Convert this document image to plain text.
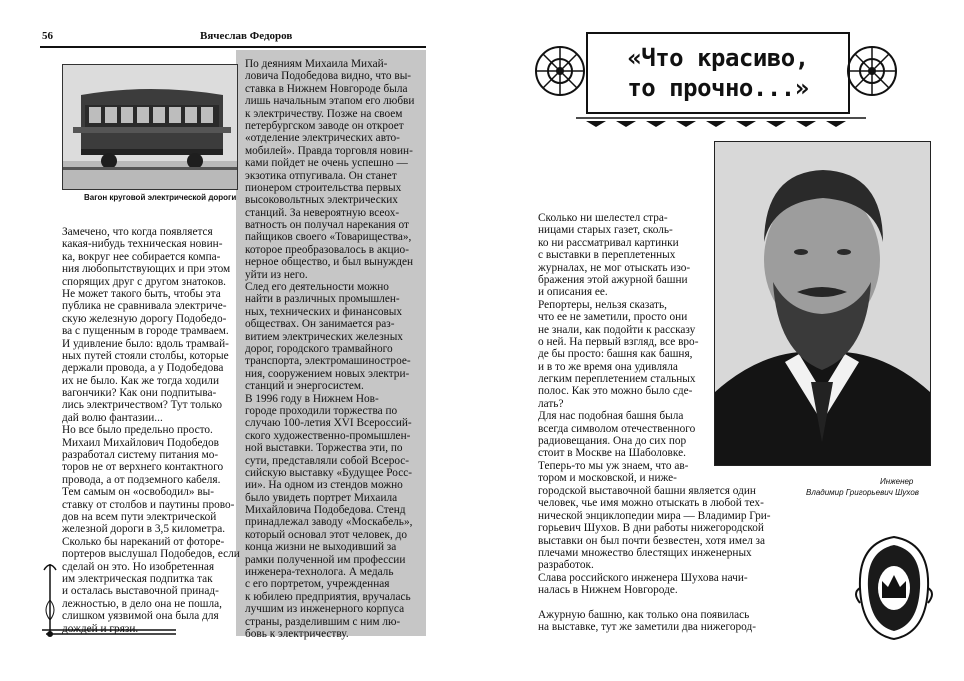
56	Вячеслав Федоров
Вагон круговой электрической дороги
Замечено, что когда появляется
какая-нибудь техническая новин-
ка, вокруг нее собирается компа-
ния любопытствующих и при этом
спорящих друг с другом знатоков.
Не может такого быть, чтобы эта
публика не сравнивала электриче-
скую железную дорогу Подобедо-
ва с пущенным в городе трамваем.
И удивление было: вдоль трамвай-
ных путей стояли столбы, которые
держали провода, а у Подобедова
их не было. Как же тогда ходили
вагончики? Как они подпитыва-
лись электричеством? Тут только
дай волю фантазии...
Но все было предельно просто.
Михаил Михайлович Подобедов
разработал систему питания мо-
торов не от верхнего контактного
провода, а от подземного кабеля.
Тем самым он «освободил» вы-
ставку от столбов и паутины прово-
дов на всем пути электрической
железной дороги в 3,5 километра.
Сколько бы нареканий от фоторе-
портеров выслушал Подобедов, если
сделай он это. Но изобретенная
им электрическая подпитка так
и осталась выставочной принад-
лежностью, в дело она не пошла,
слишком уязвимой она была для
дождей и грязи.
По деяниям Михаила Михай-
ловича Подобедова видно, что вы-
ставка в Нижнем Новгороде была
лишь начальным этапом его любви
к электричеству. Позже на своем
петербургском заводе он откроет
«отделение электрических авто-
мобилей». Правда торговля новин-
ками пойдет не очень успешно —
экзотика отпугивала. Он станет
пионером строительства первых
высоковольтных электрических
станций. За невероятную всеох-
ватность он получал нарекания от
пайщиков своего «Товарищества»,
которое преобразовалось в акцио-
нерное общество, и был вынужден
уйти из него.
След его деятельности можно
найти в различных промышлен-
ных, технических и финансовых
обществах. Он занимается раз-
витием электрических железных
дорог, городского трамвайного
транспорта, электромашинострое-
ния, сооружением новых электри-
станций и энергосистем.
В 1996 году в Нижнем Нов-
городе проходили торжества по
случаю 100-летия XVI Всероссий-
ского художественно-промышлен-
ной выставки. Торжества эти, по
сути, представляли собой Всерос-
сийскую выставку «Будущее Росс-
ии». На одном из стендов можно
было увидеть портрет Михаила
Михайловича Подобедова. Стенд
принадлежал заводу «Москабель»,
который основал этот человек, до
конца жизни не выходивший за
рамки полученной им профессии
инженера-технолога. А медаль
с его портретом, учрежденная
к юбилею предприятия, вручалась
лучшим из инженерного корпуса
страны, разделившим с ним лю-
бовь к электричеству.
«Что красиво,
то прочно...»
Инженер
Владимир Григорьевич Шухов
Сколько ни шелестел стра-
ницами старых газет, сколь-
ко ни рассматривал картинки
с выставки в переплетенных
журналах, не мог отыскать изо-
бражения этой ажурной башни
и описания ее.
Репортеры, нельзя сказать,
что ее не заметили, просто они
не знали, как подойти к рассказу
о ней. На первый взгляд, все вро-
де бы просто: башня как башня,
и в то же время она удивляла
легким переплетением стальных
полос. Как это можно было сде-
лать?
Для нас подобная башня была
всегда символом отечественного
радиовещания. Она до сих пор
стоит в Москве на Шаболовке.
Теперь-то мы уж знаем, что ав-
тором и московской, и ниже-
городской выставочной башни является один
человек, чье имя можно отыскать в любой тех-
нической энциклопедии мира — Владимир Гри-
горьевич Шухов. В дни работы нижегородской
выставки он был почти безвестен, хотя имел за
плечами множество блестящих инженерных
разработок.
Слава российского инженера Шухова начи-
налась в Нижнем Новгороде.
Ажурную башню, как только она появилась
на выставке, тут же заметили два нижегород-
